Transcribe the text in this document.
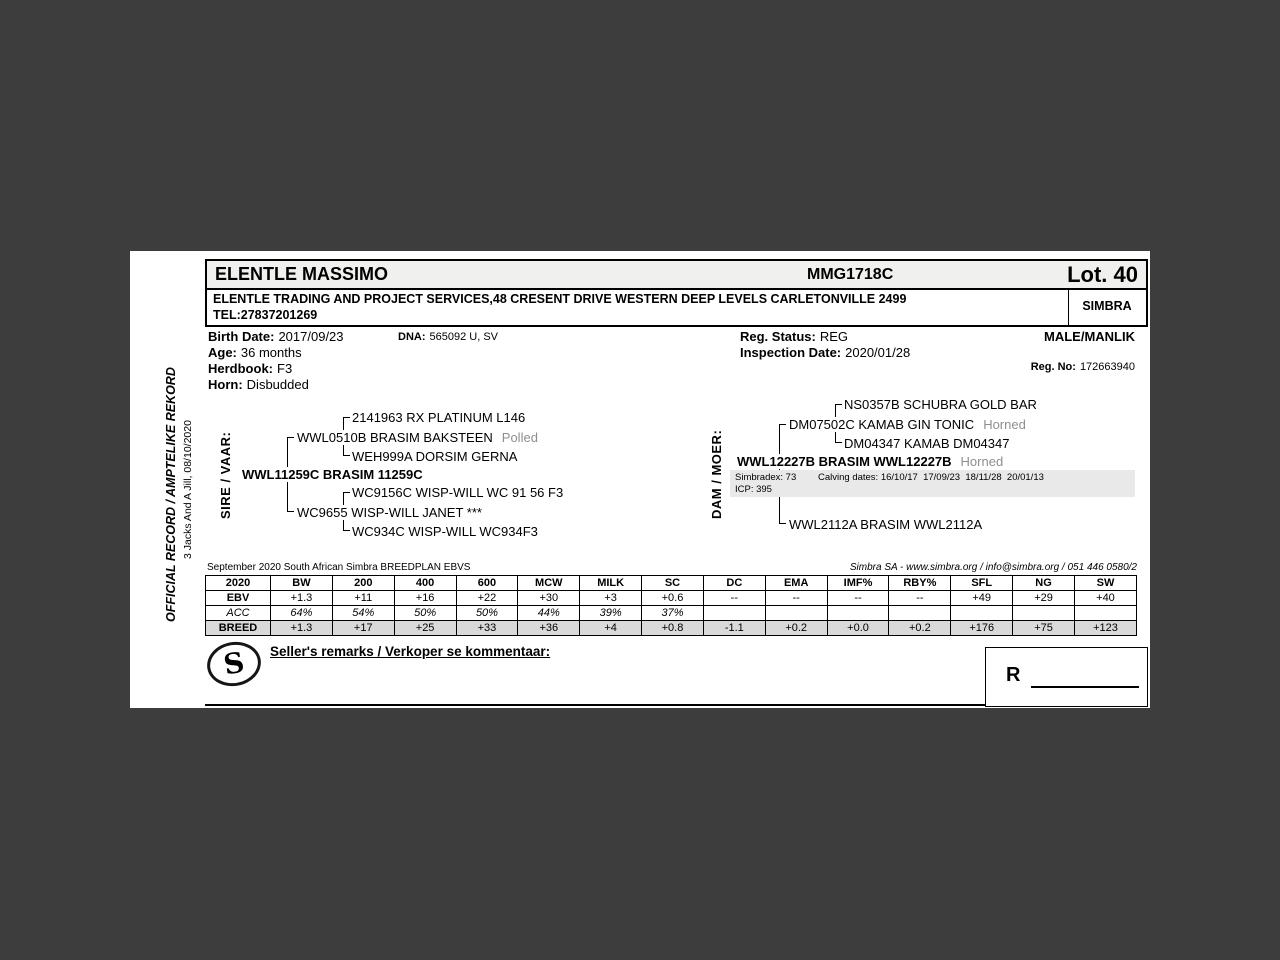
OFFICIAL RECORD / AMPTELIKE REKORD 3 Jacks And A Jill, 08/10/2020
ELENTLE MASSIMO	MMG1718C	Lot. 40
ELENTLE TRADING AND PROJECT SERVICES,48 CRESENT DRIVE WESTERN DEEP LEVELS CARLETONVILLE 2499
TEL:27837201269
SIMBRA
Birth Date: 2017/09/23	DNA: 565092 U, SV
Age: 36 months
Herdbook: F3
Horn: Disbudded
Reg. Status: REG
Inspection Date: 2020/01/28
MALE/MANLIK
Reg. No: 172663940
SIRE / VAAR:
2141963 RX PLATINUM L146
WWL0510B BRASIM BAKSTEEN Polled
WEH999A DORSIM GERNA
WWL11259C BRASIM 11259C
WC9156C WISP-WILL WC 91 56 F3
WC9655 WISP-WILL JANET ***
WC934C WISP-WILL WC934F3
DAM / MOER: Simbradex: 73 Calving dates: 16/10/17  17/09/23  18/11/28  20/01/13
ICP: 395
NS0357B SCHUBRA GOLD BAR
DM07502C KAMAB GIN TONIC Horned
DM04347 KAMAB DM04347
WWL12227B BRASIM WWL12227B Horned
WWL2112A BRASIM WWL2112A
September 2020 South African Simbra BREEDPLAN EBVS	Simbra SA - www.simbra.org / info@simbra.org / 051 446 0580/2
2020	BW	200	400	600	MCW	MILK	SC	DC	EMA	IMF%	RBY%	SFL	NG	SW
EBV	+1.3	+11	+16	+22	+30	+3	+0.6	--	--	--	--	+49	+29	+40
ACC	64%	54%	50%	50%	44%	39%	37%							
BREED	+1.3	+17	+25	+33	+36	+4	+0.8	-1.1	+0.2	+0.0	+0.2	+176	+75	+123
S	Seller's remarks / Verkoper se kommentaar:
R
